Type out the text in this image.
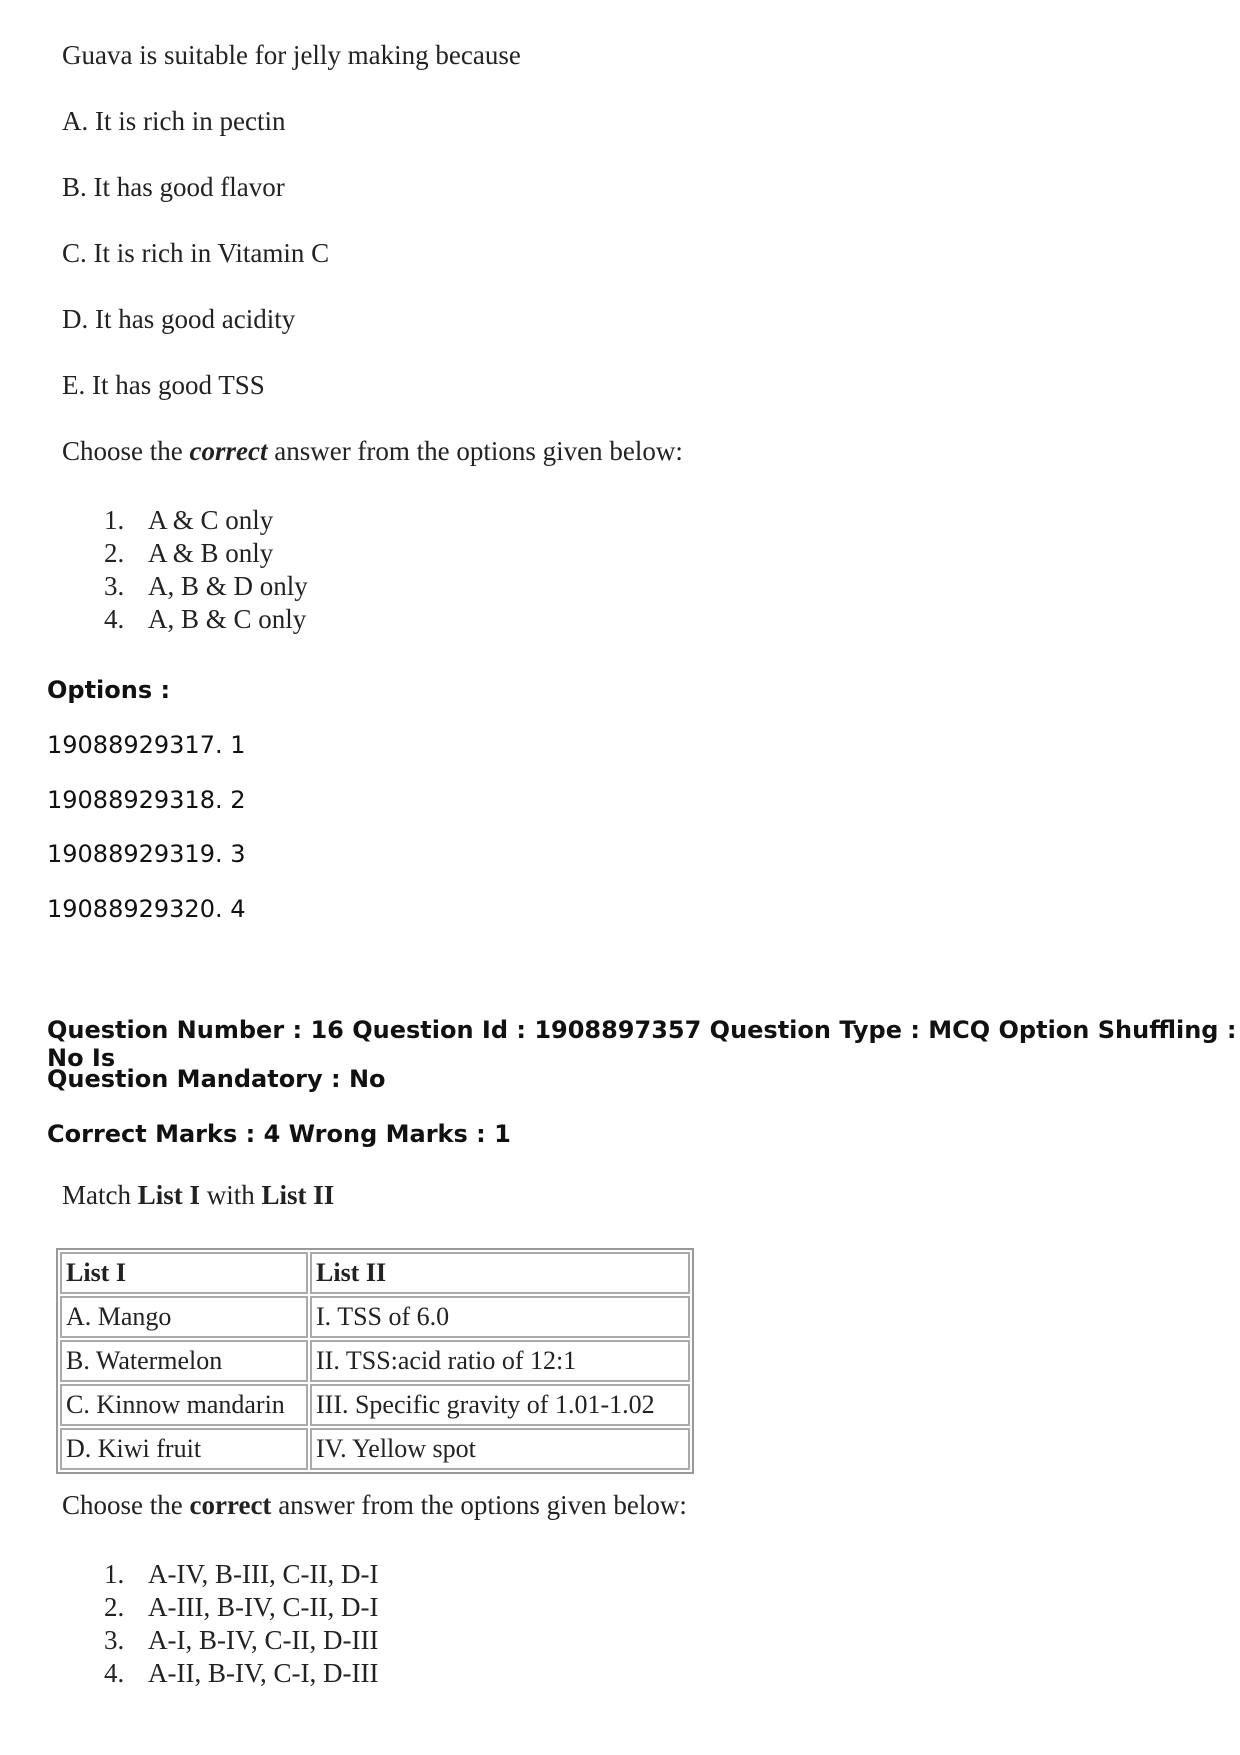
Guava is suitable for jelly making because
A. It is rich in pectin
B. It has good flavor
C. It is rich in Vitamin C
D. It has good acidity
E. It has good TSS
Choose the correct answer from the options given below:
1. A & C only
2. A & B only
3. A, B & D only
4. A, B & C only
Options :
19088929317. 1
19088929318. 2
19088929319. 3
19088929320. 4
Question Number : 16 Question Id : 1908897357 Question Type : MCQ Option Shuffling : No Is
Question Mandatory : No
Correct Marks : 4 Wrong Marks : 1
Match List I with List II
List I	List II
A. Mango	I. TSS of 6.0
B. Watermelon	II. TSS:acid ratio of 12:1
C. Kinnow mandarin	III. Specific gravity of 1.01-1.02
D. Kiwi fruit	IV. Yellow spot
Choose the correct answer from the options given below:
1. A-IV, B-III, C-II, D-I
2. A-III, B-IV, C-II, D-I
3. A-I, B-IV, C-II, D-III
4. A-II, B-IV, C-I, D-III
